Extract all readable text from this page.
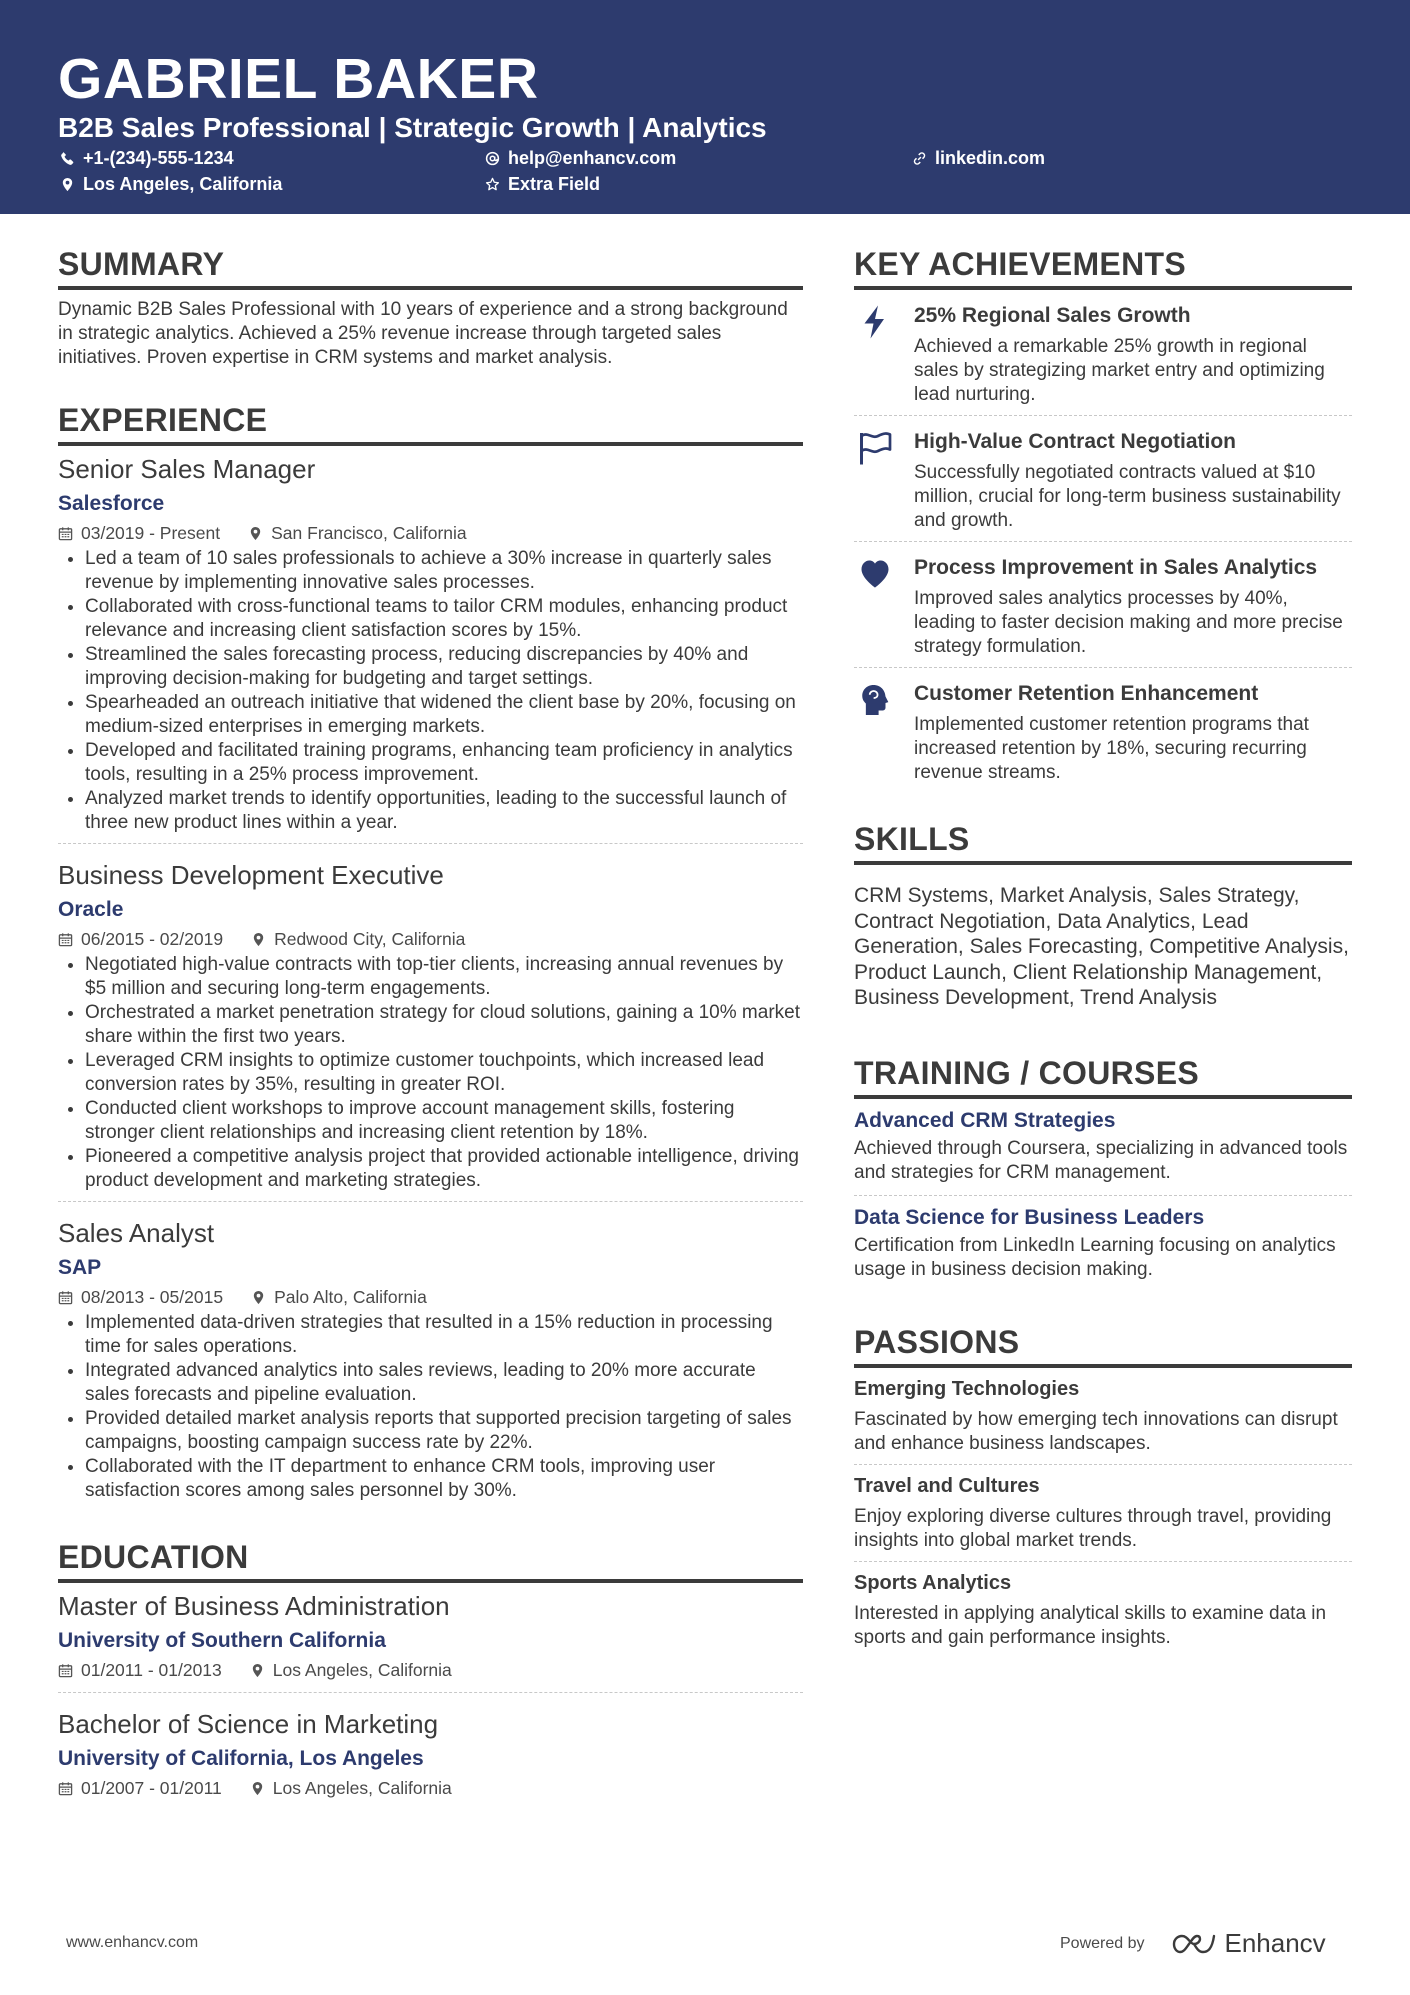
GABRIEL BAKER
B2B Sales Professional | Strategic Growth | Analytics
+1-(234)-555-1234	help@enhancv.com	linkedin.com
Los Angeles, California	Extra Field
SUMMARY

Dynamic B2B Sales Professional with 10 years of experience and a strong background in strategic analytics. Achieved a 25% revenue increase through targeted sales initiatives. Proven expertise in CRM systems and market analysis.

EXPERIENCE
Senior Sales Manager
Salesforce
03/2019 - Present	San Francisco, California
Led a team of 10 sales professionals to achieve a 30% increase in quarterly sales revenue by implementing innovative sales processes.
Collaborated with cross-functional teams to tailor CRM modules, enhancing product relevance and increasing client satisfaction scores by 15%.
Streamlined the sales forecasting process, reducing discrepancies by 40% and improving decision-making for budgeting and target settings.
Spearheaded an outreach initiative that widened the client base by 20%, focusing on medium-sized enterprises in emerging markets.
Developed and facilitated training programs, enhancing team proficiency in analytics tools, resulting in a 25% process improvement.
Analyzed market trends to identify opportunities, leading to the successful launch of three new product lines within a year.
Business Development Executive
Oracle
06/2015 - 02/2019	Redwood City, California
Negotiated high-value contracts with top-tier clients, increasing annual revenues by $5 million and securing long-term engagements.
Orchestrated a market penetration strategy for cloud solutions, gaining a 10% market share within the first two years.
Leveraged CRM insights to optimize customer touchpoints, which increased lead conversion rates by 35%, resulting in greater ROI.
Conducted client workshops to improve account management skills, fostering stronger client relationships and increasing client retention by 18%.
Pioneered a competitive analysis project that provided actionable intelligence, driving product development and marketing strategies.
Sales Analyst
SAP
08/2013 - 05/2015	Palo Alto, California
Implemented data-driven strategies that resulted in a 15% reduction in processing time for sales operations.
Integrated advanced analytics into sales reviews, leading to 20% more accurate sales forecasts and pipeline evaluation.
Provided detailed market analysis reports that supported precision targeting of sales campaigns, boosting campaign success rate by 22%.
Collaborated with the IT department to enhance CRM tools, improving user satisfaction scores among sales personnel by 30%.
EDUCATION
Master of Business Administration
University of Southern California
01/2011 - 01/2013	Los Angeles, California
Bachelor of Science in Marketing
University of California, Los Angeles
01/2007 - 01/2011	Los Angeles, California
KEY ACHIEVEMENTS
25% Regional Sales Growth
Achieved a remarkable 25% growth in regional sales by strategizing market entry and optimizing lead nurturing.
High-Value Contract Negotiation
Successfully negotiated contracts valued at $10 million, crucial for long-term business sustainability and growth.
Process Improvement in Sales Analytics
Improved sales analytics processes by 40%, leading to faster decision making and more precise strategy formulation.
Customer Retention Enhancement
Implemented customer retention programs that increased retention by 18%, securing recurring revenue streams.
SKILLS
CRM Systems, Market Analysis, Sales Strategy, Contract Negotiation, Data Analytics, Lead Generation, Sales Forecasting, Competitive Analysis, Product Launch, Client Relationship Management, Business Development, Trend Analysis
TRAINING / COURSES
Advanced CRM Strategies
Achieved through Coursera, specializing in advanced tools and strategies for CRM management.
Data Science for Business Leaders
Certification from LinkedIn Learning focusing on analytics usage in business decision making.
PASSIONS
Emerging Technologies
Fascinated by how emerging tech innovations can disrupt and enhance business landscapes.
Travel and Cultures
Enjoy exploring diverse cultures through travel, providing insights into global market trends.
Sports Analytics
Interested in applying analytical skills to examine data in sports and gain performance insights.
www.enhancv.com	Powered by	Enhancv
